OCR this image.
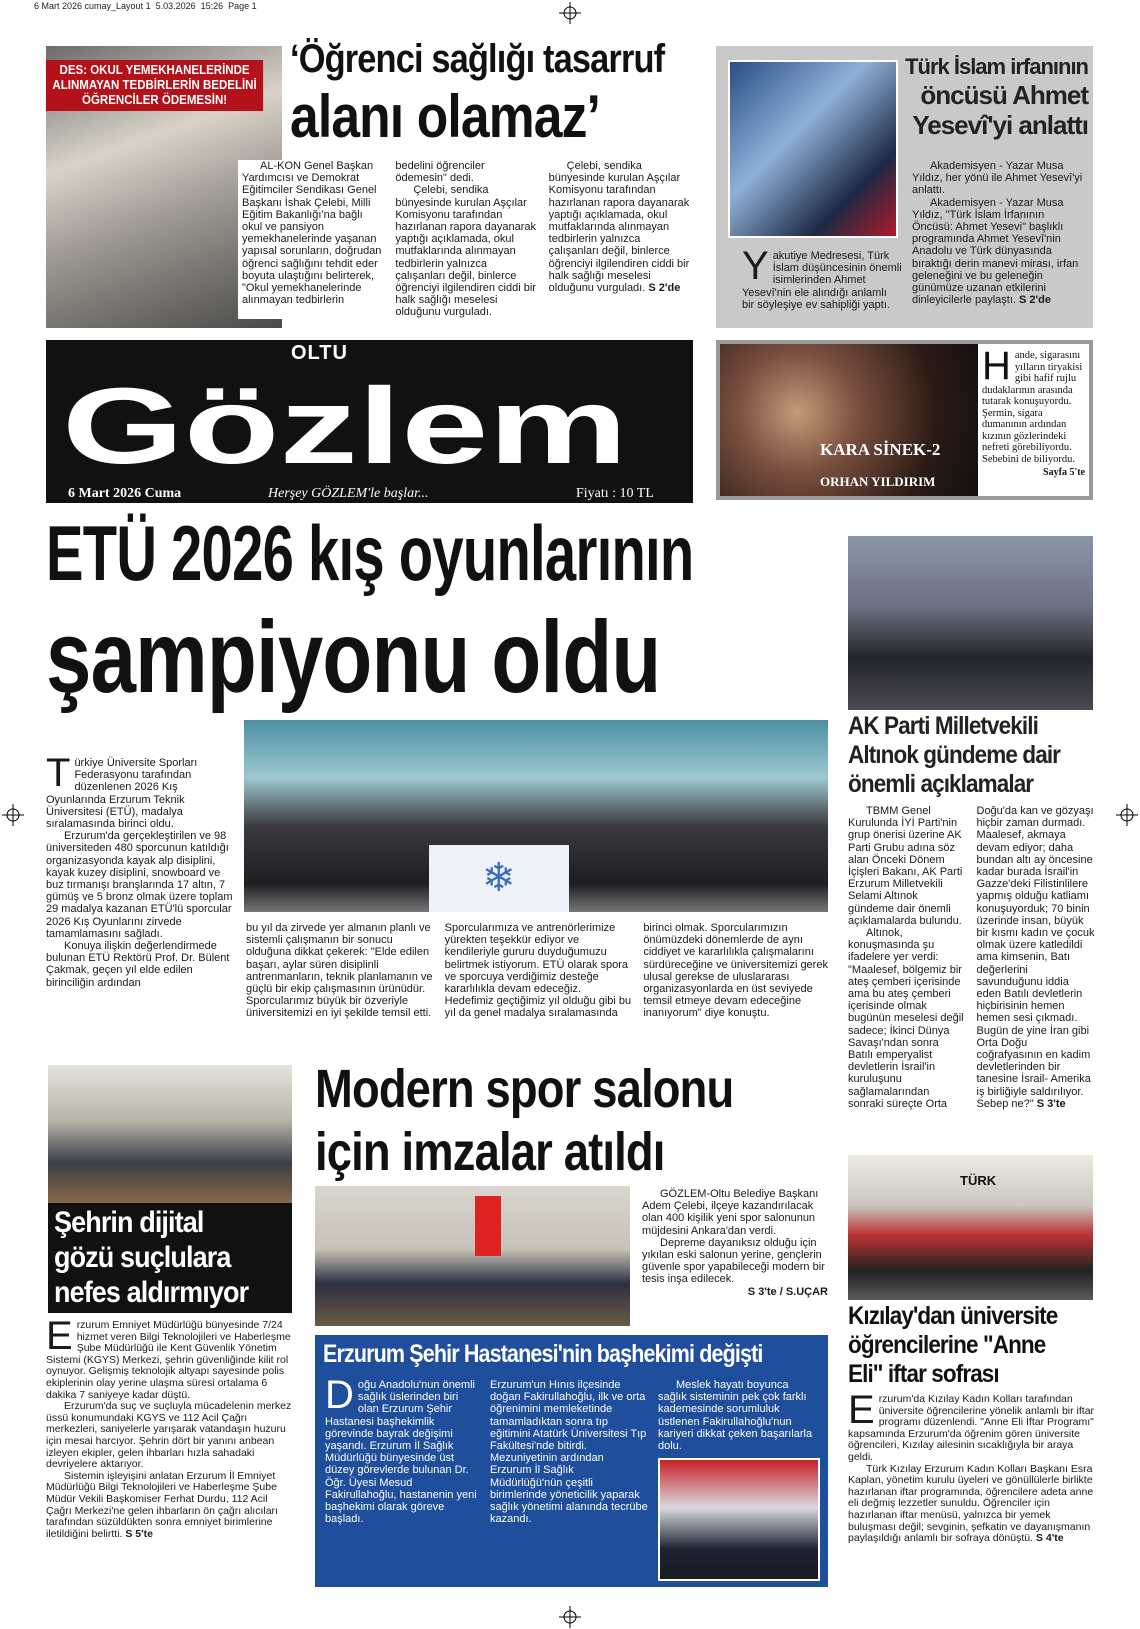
6 Mart 2026 cumay_Layout 1  5.03.2026  15:26  Page 1
DES: OKUL YEMEKHANELERİNDE
ALINMAYAN TEDBİRLERİN BEDELİNİ
ÖĞRENCİLER ÖDEMESİN!
‘Öğrenci sağlığı tasarruf
alanı olamaz’

AL-KON Genel Başkan Yardımcısı ve Demokrat Eğitimciler Sendikası Genel Başkanı İshak Çelebi, Milli Eğitim Bakanlığı'na bağlı okul ve pansiyon yemekhanelerinde yaşanan yapısal sorunların, doğrudan öğrenci sağlığını tehdit eder boyuta ulaştığını belirterek, "Okul yemekhanelerinde alınmayan tedbirlerin bedelini öğrenciler ödemesin" dedi.

Çelebi, sendika bünyesinde kurulan Aşçılar Komisyonu tarafından hazırlanan rapora dayanarak yaptığı açıklamada, okul mutfaklarında alınmayan tedbirlerin yalnızca çalışanları değil, binlerce öğrenciyi ilgilendiren ciddi bir halk sağlığı meselesi olduğunu vurguladı.

Çelebi, sendika bünyesinde kurulan Aşçılar Komisyonu tarafından hazırlanan rapora dayanarak yaptığı açıklamada, okul mutfaklarında alınmayan tedbirlerin yalnızca çalışanları değil, binlerce öğrenciyi ilgilendiren ciddi bir halk sağlığı meselesi olduğunu vurguladı. S 2'de

Türk İslam irfanının
öncüsü Ahmet
Yesevî'yi anlattı

Yakutiye Medresesi, Türk İslam düşüncesinin önemli isimlerinden Ahmet Yesevî'nin ele alındığı anlamlı bir söyleşiye ev sahipliği yaptı.

Akademisyen - Yazar Musa Yıldız, her yönü ile Ahmet Yesevî'yi anlattı.

Akademisyen - Yazar Musa Yıldız, "Türk İslam İrfanının Öncüsü: Ahmet Yesevi" başlıklı programında Ahmet Yesevî'nin Anadolu ve Türk dünyasında bıraktığı derin manevi mirası, irfan geleneğini ve bu geleneğin günümüze uzanan etkilerini dinleyicilerle paylaştı. S 2'de

OLTU
Gözlem
6 Mart 2026 Cuma	Herşey GÖZLEM'le başlar...	Fiyatı : 10 TL
KARA SİNEK-2
ORHAN YILDIRIM

Hande, sigarasını yılların tiryakisi gibi hafif rujlu dudaklarının arasında tutarak konuşuyordu. Şermin, sigara dumanının ardından kızının gözlerindeki nefreti görebiliyordu. Sebebini de biliyordu.

Sayfa 5'te
ETÜ 2026 kış oyunlarının
şampiyonu oldu
❄

Türkiye Üniversite Sporları Federasyonu tarafından düzenlenen 2026 Kış Oyunlarında Erzurum Teknik Üniversitesi (ETÜ), madalya sıralamasında birinci oldu.

Erzurum'da gerçekleştirilen ve 98 üniversiteden 480 sporcunun katıldığı organizasyonda kayak alp disiplini, kayak kuzey disiplini, snowboard ve buz tırmanışı branşlarında 17 altın, 7 gümüş ve 5 bronz olmak üzere toplam 29 madalya kazanan ETÜ'lü sporcular 2026 Kış Oyunlarını zirvede tamamlamasını sağladı.

Konuya ilişkin değerlendirmede bulunan ETÜ Rektörü Prof. Dr. Bülent Çakmak, geçen yıl elde edilen birinciliğin ardından

bu yıl da zirvede yer almanın planlı ve sistemli çalışmanın bir sonucu olduğuna dikkat çekerek: "Elde edilen başarı, aylar süren disiplinli antrenmanların, teknik planlamanın ve güçlü bir ekip çalışmasının ürünüdür. Sporcularımız büyük bir özveriyle üniversitemizi en iyi şekilde temsil etti. Sporcularımıza ve antrenörlerimize yürekten teşekkür ediyor ve kendileriyle gururu duyduğumuzu belirtmek istiyorum. ETÜ olarak spora ve sporcuya verdiğimiz desteğe kararlılıkla devam edeceğiz. Hedefimiz geçtiğimiz yıl olduğu gibi bu yıl da genel madalya sıralamasında birinci olmak. Sporcularımızın önümüzdeki dönemlerde de aynı ciddiyet ve kararlılıkla çalışmalarını sürdüreceğine ve üniversitemizi gerek ulusal gerekse de uluslararası organizasyonlarda en üst seviyede temsil etmeye devam edeceğine inanıyorum" diye konuştu.

AK Parti Milletvekili
Altınok gündeme dair
önemli açıklamalar

TBMM Genel Kurulunda İYİ Parti'nin grup önerisi üzerine AK Parti Grubu adına söz alan Önceki Dönem İçişleri Bakanı, AK Parti Erzurum Milletvekili Selami Altınok gündeme dair önemli açıklamalarda bulundu.

Altınok, konuşmasında şu ifadelere yer verdi: "Maalesef, bölgemiz bir ateş çemberi içerisinde ama bu ateş çemberi içerisinde olmak bugünün meselesi değil sadece; İkinci Dünya Savaşı'ndan sonra Batılı emperyalist devletlerin İsrail'in kuruluşunu sağlamalarından sonraki süreçte Orta Doğu'da kan ve gözyaşı hiçbir zaman durmadı. Maalesef, akmaya devam ediyor; daha bundan altı ay öncesine kadar burada İsrail'in Gazze'deki Filistinlilere yapmış olduğu katliamı konuşuyorduk; 70 binin üzerinde insan, büyük bir kısmı kadın ve çocuk olmak üzere katledildi ama kimsenin, Batı değerlerini savunduğunu iddia eden Batılı devletlerin hiçbirisinin hemen hemen sesi çıkmadı. Bugün de yine İran gibi Orta Doğu coğrafyasının en kadim devletlerinden bir tanesine İsrail- Amerika iş birliğiyle saldırılıyor. Sebep ne?" S 3'te

Şehrin dijital
gözü suçlulara
nefes aldırmıyor

Erzurum Emniyet Müdürlüğü bünyesinde 7/24 hizmet veren Bilgi Teknolojileri ve Haberleşme Şube Müdürlüğü ile Kent Güvenlik Yönetim Sistemi (KGYS) Merkezi, şehrin güvenliğinde kilit rol oynuyor. Gelişmiş teknolojik altyapı sayesinde polis ekiplerinin olay yerine ulaşma süresi ortalama 6 dakika 7 saniyeye kadar düştü.

Erzurum'da suç ve suçluyla mücadelenin merkez üssü konumundaki KGYS ve 112 Acil Çağrı merkezleri, saniyelerle yarışarak vatandaşın huzuru için mesai harcıyor. Şehrin dört bir yanını anbean izleyen ekipler, gelen ihbarları hızla sahadaki devriyelere aktarıyor.

Sistemin işleyişini anlatan Erzurum İl Emniyet Müdürlüğü Bilgi Teknolojileri ve Haberleşme Şube Müdür Vekili Başkomiser Ferhat Durdu, 112 Acil Çağrı Merkezi'ne gelen ihbarların ön çağrı alıcıları tarafından süzüldükten sonra emniyet birimlerine iletildiğini belirtti. S 5'te

Modern spor salonu
için imzalar atıldı

GÖZLEM-Oltu Belediye Başkanı Adem Çelebi, ilçeye kazandırılacak olan 400 kişilik yeni spor salonunun müjdesini Ankara'dan verdi.

Depreme dayanıksız olduğu için yıkılan eski salonun yerine, gençlerin güvenle spor yapabileceği modern bir tesis inşa edilecek.

S 3'te / S.UÇAR
Erzurum Şehir Hastanesi'nin başhekimi değişti

Doğu Anadolu'nun önemli sağlık üslerinden biri olan Erzurum Şehir Hastanesi başhekimlik görevinde bayrak değişimi yaşandı. Erzurum İl Sağlık Müdürlüğü bünyesinde üst düzey görevlerde bulunan Dr. Öğr. Üyesi Mesud Fakirullahoğlu, hastanenin yeni başhekimi olarak göreve başladı.

Erzurum'un Hınıs ilçesinde doğan Fakirullahoğlu, ilk ve orta öğrenimini memleketinde tamamladıktan sonra tıp eğitimini Atatürk Üniversitesi Tıp Fakültesi'nde bitirdi. Mezuniyetinin ardından Erzurum İl Sağlık Müdürlüğü'nün çeşitli birimlerinde yöneticilik yaparak sağlık yönetimi alanında tecrübe kazandı.

Meslek hayatı boyunca sağlık sisteminin pek çok farklı kademesinde sorumluluk üstlenen Fakirullahoğlu'nun kariyeri dikkat çeken başarılarla dolu.

TÜRK
Kızılay'dan üniversite
öğrencilerine "Anne
Eli" iftar sofrası

Erzurum'da Kızılay Kadın Kolları tarafından üniversite öğrencilerine yönelik anlamlı bir iftar programı düzenlendi. "Anne Eli İftar Programı" kapsamında Erzurum'da öğrenim gören üniversite öğrencileri, Kızılay ailesinin sıcaklığıyla bir araya geldi.

Türk Kızılay Erzurum Kadın Kolları Başkanı Esra Kaplan, yönetim kurulu üyeleri ve gönüllülerle birlikte hazırlanan iftar programında, öğrencilere adeta anne eli değmiş lezzetler sunuldu. Öğrenciler için hazırlanan iftar menüsü, yalnızca bir yemek buluşması değil; sevginin, şefkatin ve dayanışmanın paylaşıldığı anlamlı bir sofraya dönüştü. S 4'te
